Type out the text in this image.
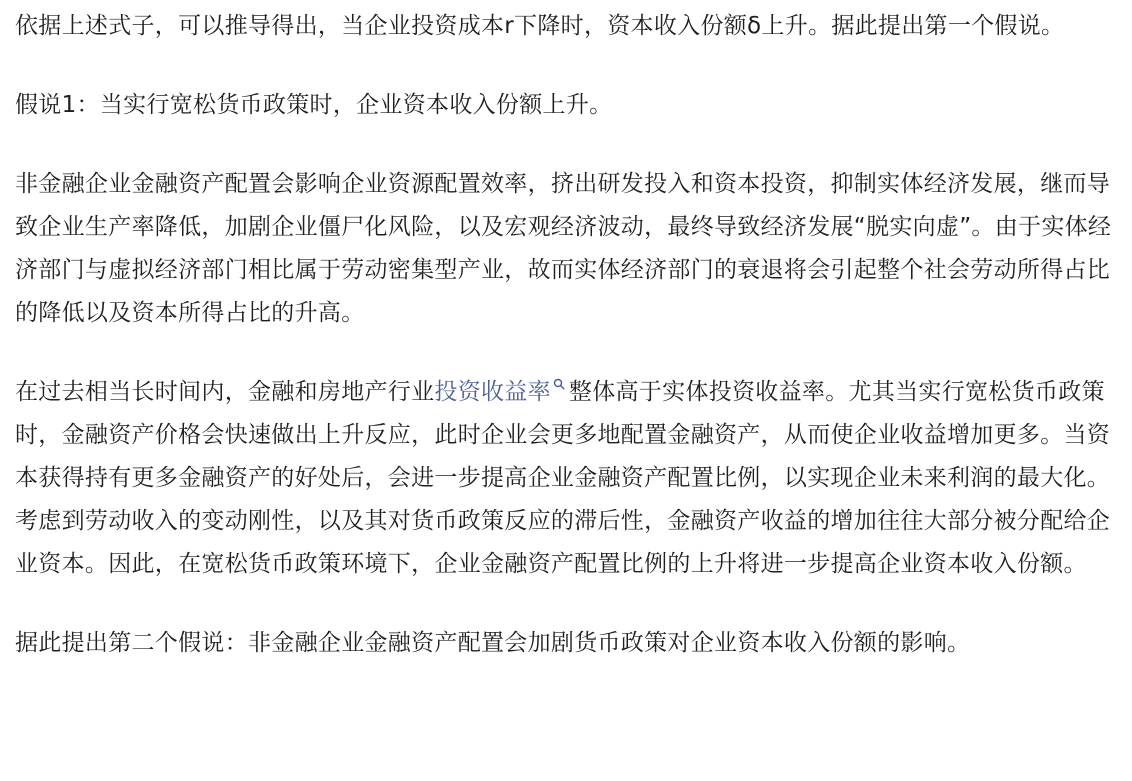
依据上述式子，可以推导得出，当企业投资成本r下降时，资本收入份额δ上升。据此提出第一个假说。

假说1：当实行宽松货币政策时，企业资本收入份额上升。

非金融企业金融资产配置会影响企业资源配置效率，挤出研发投入和资本投资，抑制实体经济发展，继而导致企业生产率降低，加剧企业僵尸化风险，以及宏观经济波动，最终导致经济发展“脱实向虚”。由于实体经济部门与虚拟经济部门相比属于劳动密集型产业，故而实体经济部门的衰退将会引起整个社会劳动所得占比的降低以及资本所得占比的升高。

在过去相当长时间内，金融和房地产行业投资收益率 整体高于实体投资收益率。尤其当实行宽松货币政策时，金融资产价格会快速做出上升反应，此时企业会更多地配置金融资产，从而使企业收益增加更多。当资本获得持有更多金融资产的好处后，会进一步提高企业金融资产配置比例，以实现企业未来利润的最大化。考虑到劳动收入的变动刚性，以及其对货币政策反应的滞后性，金融资产收益的增加往往大部分被分配给企业资本。因此，在宽松货币政策环境下，企业金融资产配置比例的上升将进一步提高企业资本收入份额。

据此提出第二个假说：非金融企业金融资产配置会加剧货币政策对企业资本收入份额的影响。
